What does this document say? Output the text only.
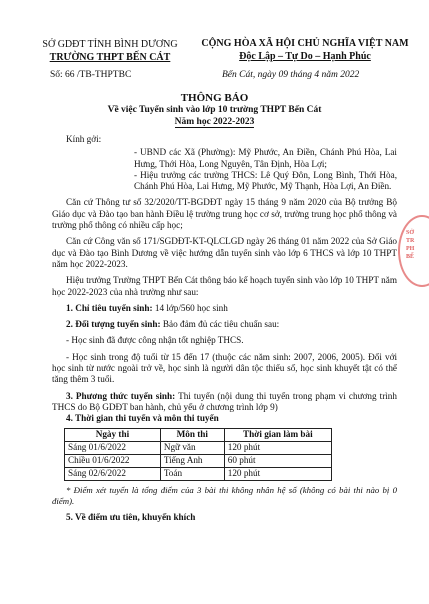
SỞ GDĐT TỈNH BÌNH DƯƠNG
TRƯỜNG THPT BẾN CÁT
CỘNG HÒA XÃ HỘI CHỦ NGHĨA VIỆT NAM
Độc Lập – Tự Do – Hạnh Phúc
Số: 66 /TB-THPTBC	Bến Cát, ngày 09 tháng 4 năm 2022
THÔNG BÁO
Về việc Tuyển sinh vào lớp 10 trường THPT Bến Cát
Năm học 2022-2023

Kính gởi:

- UBND các Xã (Phường): Mỹ Phước, An Điền, Chánh Phú Hòa, Lai Hưng, Thới Hòa, Long Nguyên, Tân Định, Hòa Lợi;

- Hiệu trưởng các trường THCS: Lê Quý Đôn, Long Bình, Thới Hòa, Chánh Phú Hòa, Lai Hưng, Mỹ Phước, Mỹ Thạnh, Hòa Lợi, An Điền.

Căn cứ Thông tư số 32/2020/TT-BGDĐT ngày 15 tháng 9 năm 2020 của Bộ trưởng Bộ Giáo dục và Đào tạo ban hành Điều lệ trường trung học cơ sở, trường trung học phổ thông và trường phổ thông có nhiều cấp học;

Căn cứ Công văn số 171/SGDĐT-KT-QLCLGD ngày 26 tháng 01 năm 2022 của Sở Giáo dục và Đào tạo Bình Dương về việc hướng dẫn tuyển sinh vào lớp 6 THCS và lớp 10 THPT năm học 2022-2023.

Hiệu trưởng Trường THPT Bến Cát thông báo kế hoạch tuyển sinh vào lớp 10 THPT năm học 2022-2023 của nhà trường như sau:

1. Chỉ tiêu tuyển sinh: 14 lớp/560 học sinh

2. Đối tượng tuyển sinh: Bảo đảm đủ các tiêu chuẩn sau:

- Học sinh đã được công nhận tốt nghiệp THCS.

- Học sinh trong độ tuổi từ 15 đến 17 (thuộc các năm sinh: 2007, 2006, 2005). Đối với học sinh từ nước ngoài trở về, học sinh là người dân tộc thiểu số, học sinh khuyết tật có thể tăng thêm 3 tuổi.

3. Phương thức tuyển sinh: Thi tuyển (nội dung thi tuyển trong phạm vi chương trình THCS do Bộ GDĐT ban hành, chủ yếu ở chương trình lớp 9)

4. Thời gian thi tuyển và môn thi tuyển

Ngày thi	Môn thi	Thời gian làm bài
Sáng 01/6/2022	Ngữ văn	120 phút
Chiều 01/6/2022	Tiếng Anh	60 phút
Sáng 02/6/2022	Toán	120 phút

* Điểm xét tuyển là tổng điểm của 3 bài thi không nhân hệ số (không có bài thi nào bị 0 điểm).

5. Về điểm ưu tiên, khuyến khích

SỞ
TR
PH
BẾ
